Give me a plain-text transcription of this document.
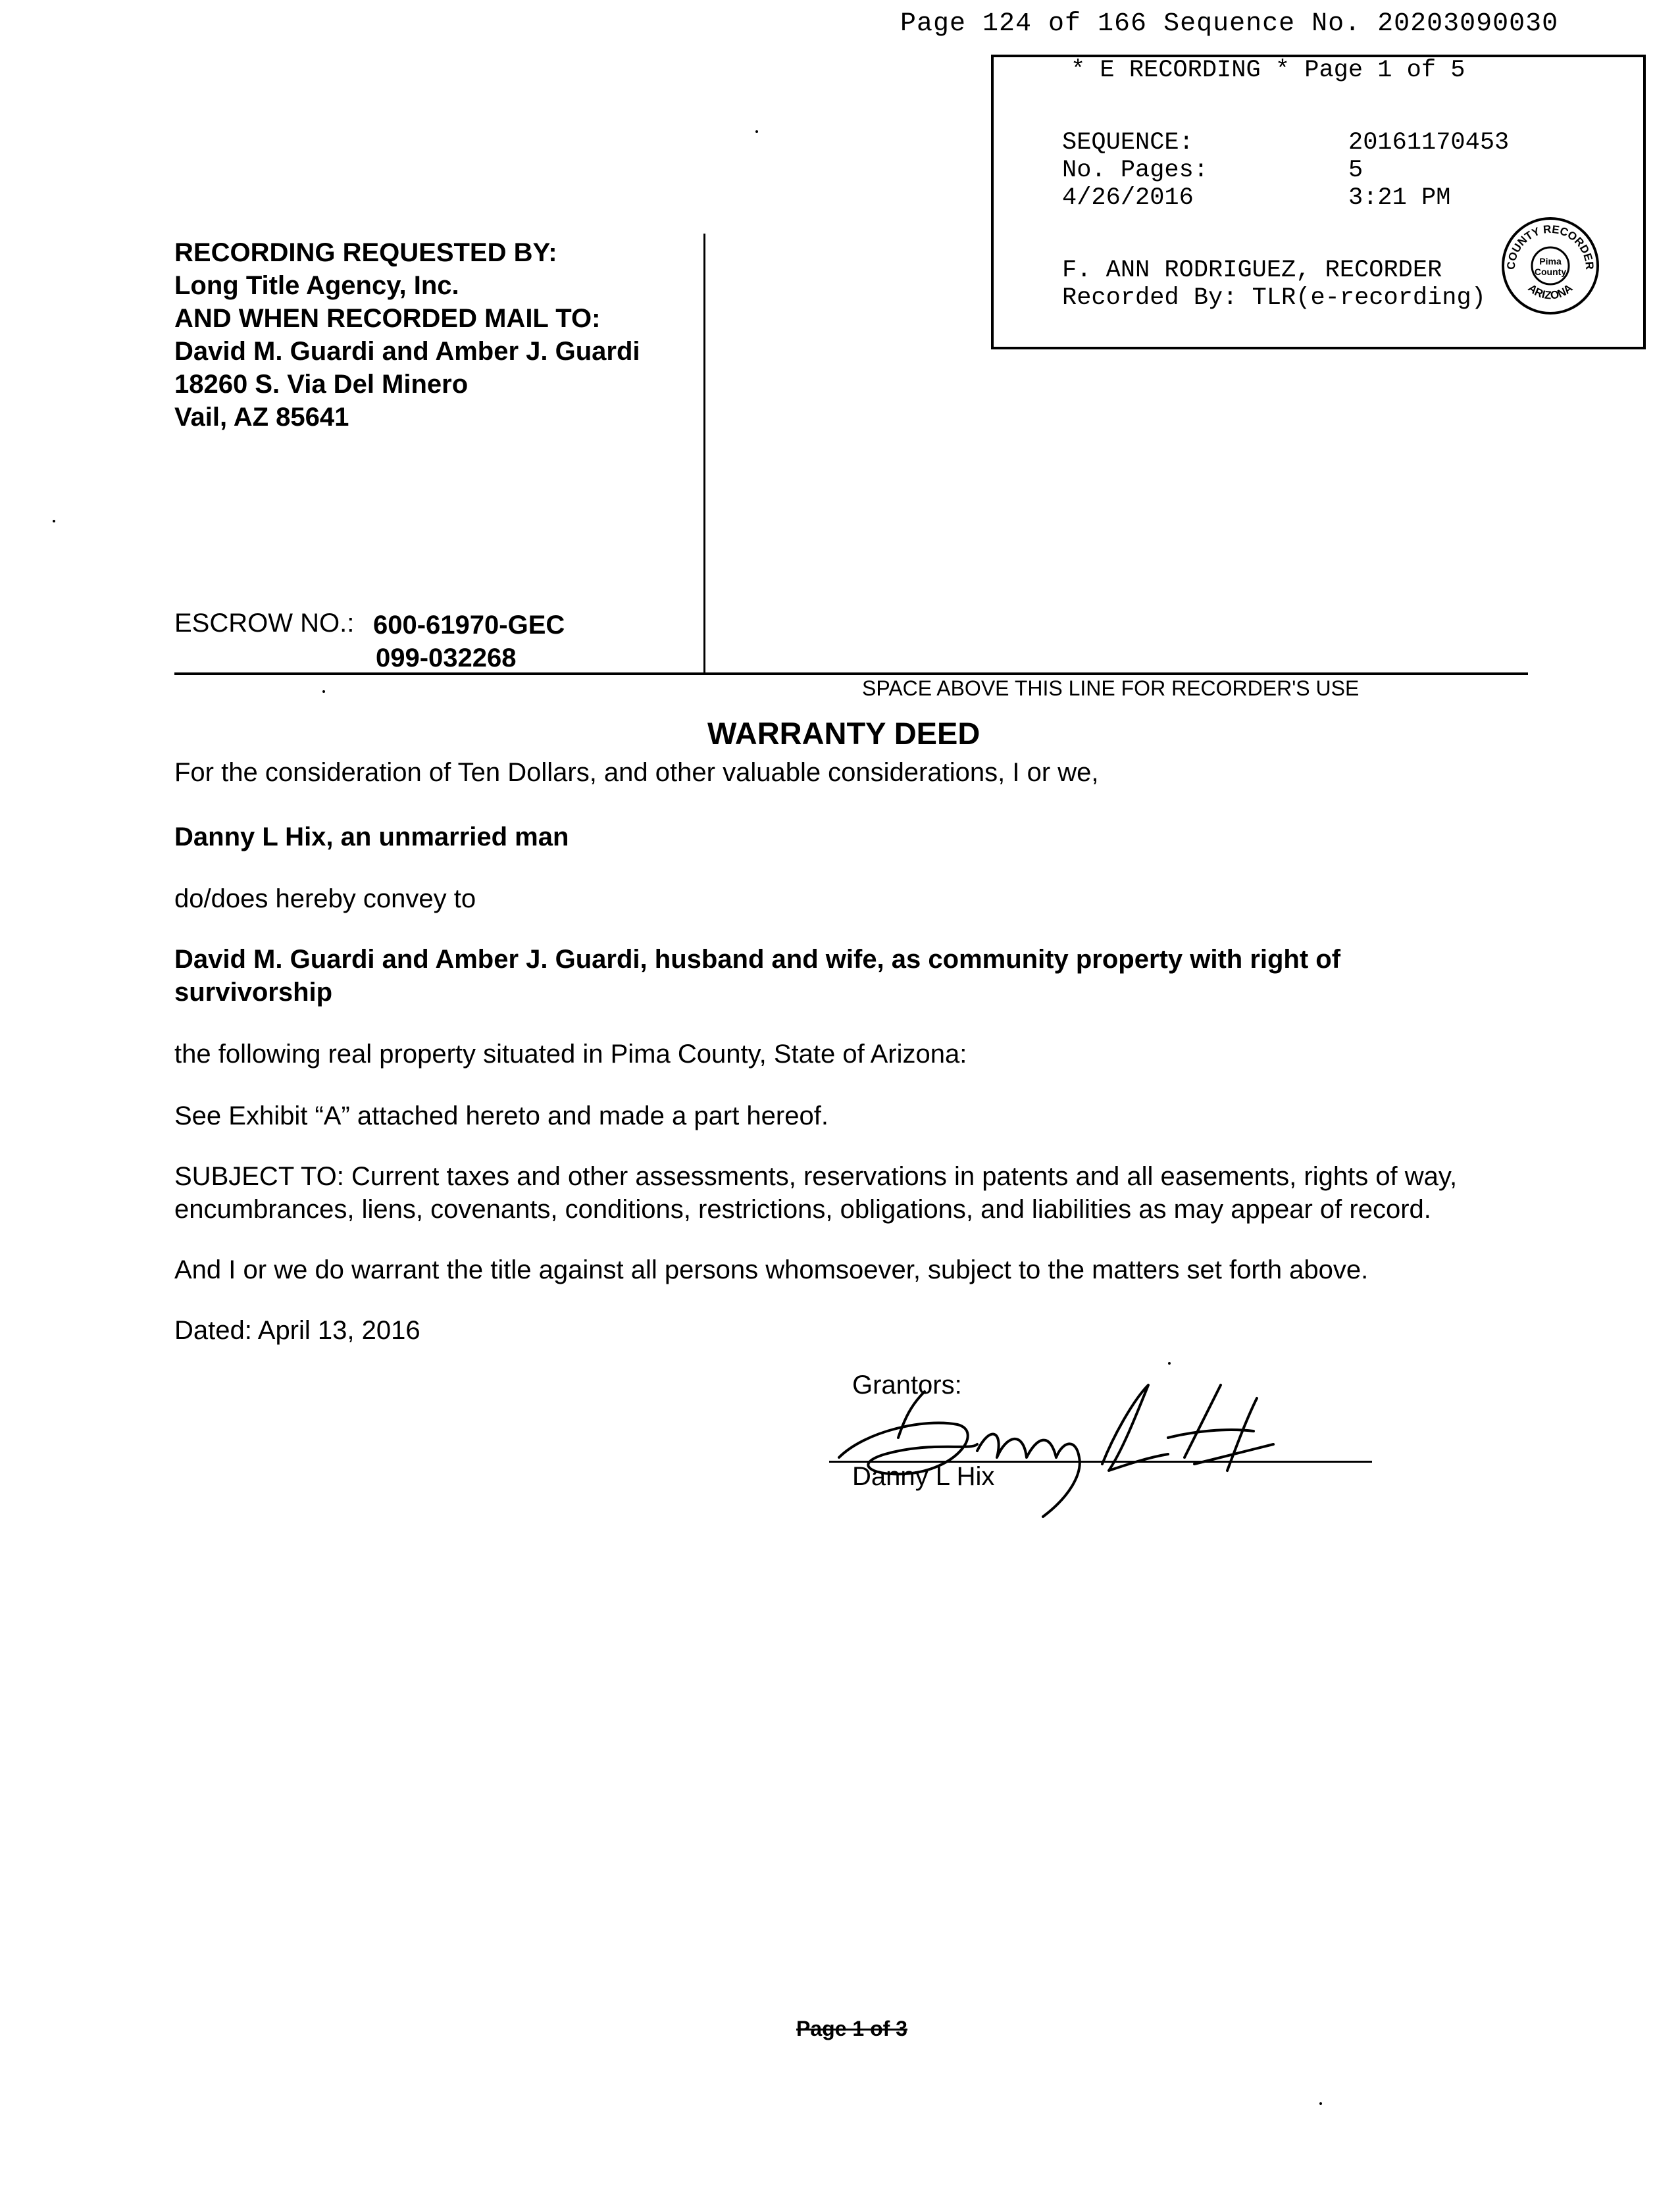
Page 124 of 166 Sequence No. 20203090030
* E RECORDING * Page 1 of 5
SEQUENCE:
No. Pages:
4/26/2016
20161170453
5
3:21 PM
F. ANN RODRIGUEZ, RECORDER
Recorded By: TLR(e-recording)
COUNTY RECORDER
ARIZONA
Pima
County
RECORDING REQUESTED BY:
Long Title Agency, Inc.
AND WHEN RECORDED MAIL TO:
David M. Guardi and Amber J. Guardi
18260 S. Via Del Minero
Vail, AZ 85641
ESCROW NO.: 600-61970-GEC
099-032268
SPACE ABOVE THIS LINE FOR RECORDER'S USE
WARRANTY DEED
For the consideration of Ten Dollars, and other valuable considerations, I or we,
Danny L Hix, an unmarried man
do/does hereby convey to
David M. Guardi and Amber J. Guardi, husband and wife, as community property with right of survivorship
the following real property situated in Pima County, State of Arizona:
See Exhibit “A” attached hereto and made a part hereof.
SUBJECT TO: Current taxes and other assessments, reservations in patents and all easements, rights of way, encumbrances, liens, covenants, conditions, restrictions, obligations, and liabilities as may appear of record.
And I or we do warrant the title against all persons whomsoever, subject to the matters set forth above.
Dated: April 13, 2016
Grantors:
Danny L Hix
Page 1 of 3
